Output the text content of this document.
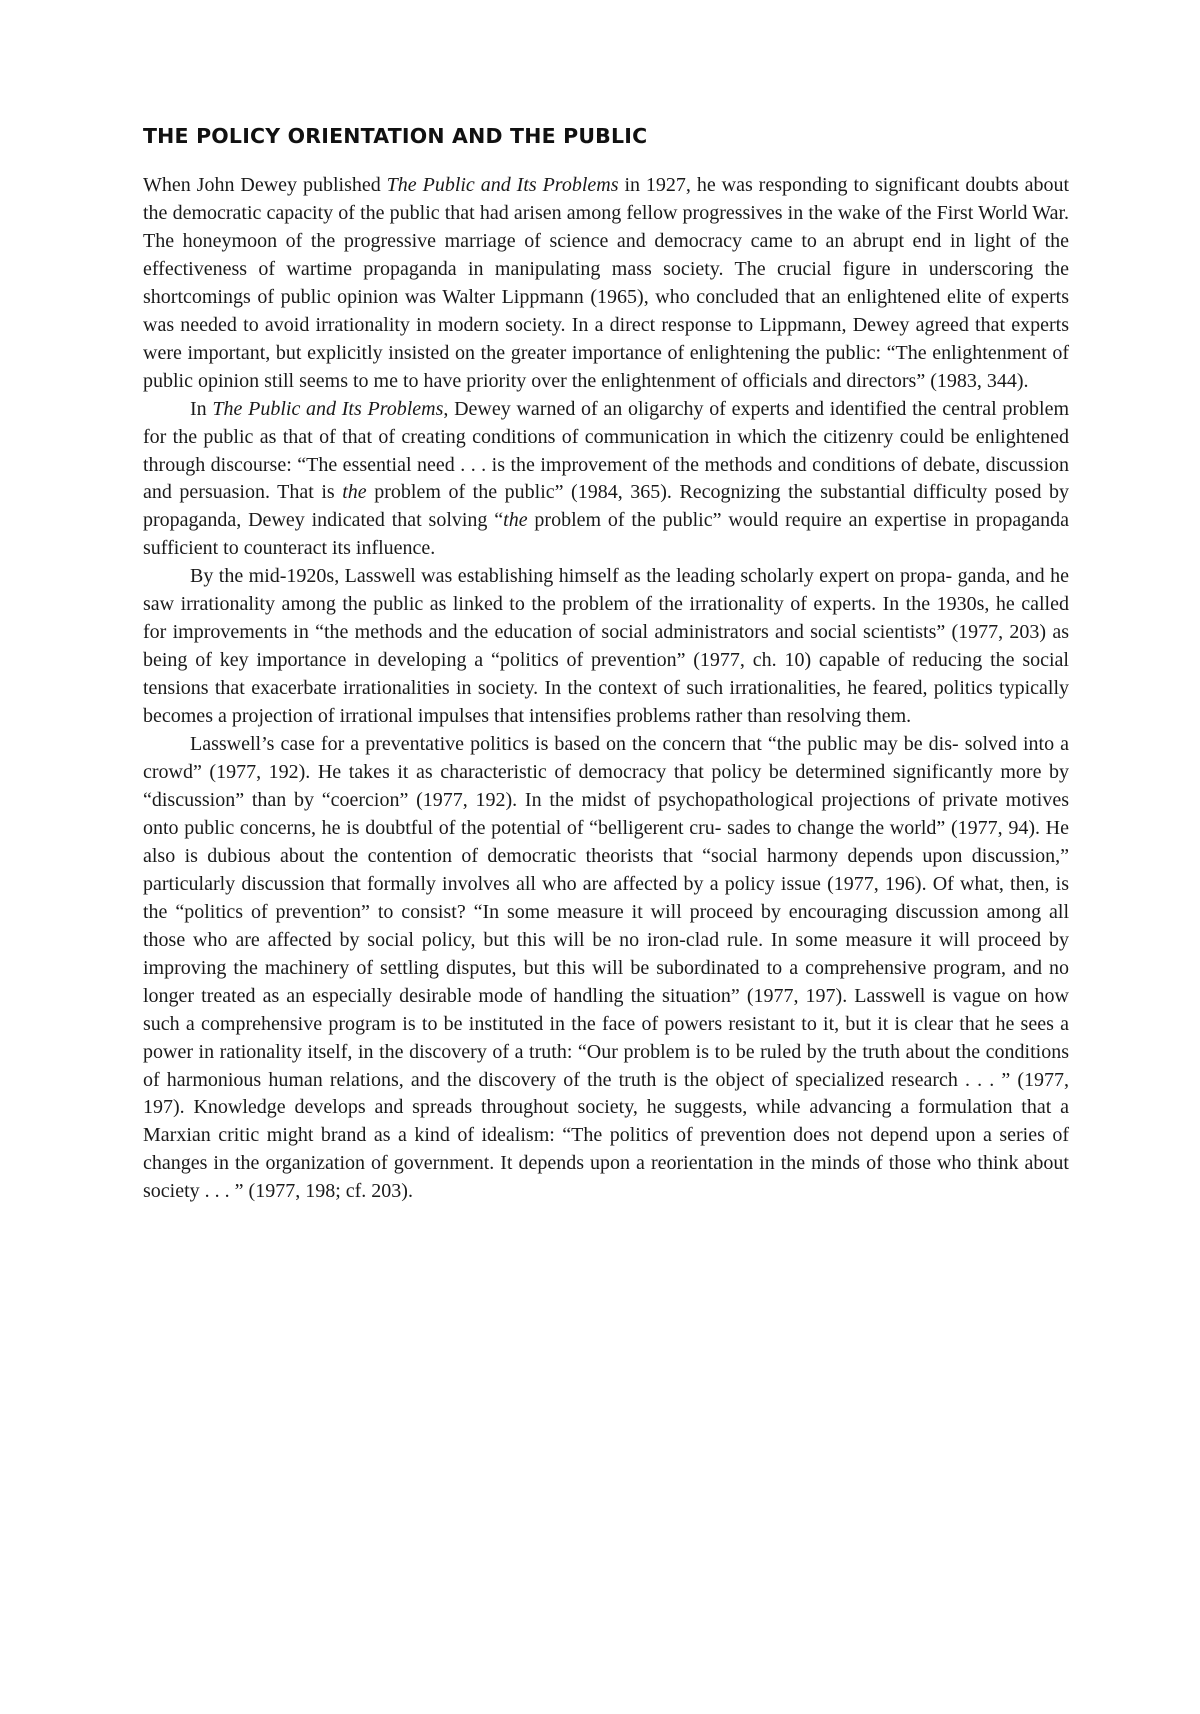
THE POLICY ORIENTATION AND THE PUBLIC

When John Dewey published The Public and Its Problems in 1927, he was responding to significant doubts about the democratic capacity of the public that had arisen among fellow progressives in the wake of the First World War. The honeymoon of the progressive marriage of science and democracy came to an abrupt end in light of the effectiveness of wartime propaganda in manipulating mass society. The crucial figure in underscoring the shortcomings of public opinion was Walter Lippmann (1965), who concluded that an enlightened elite of experts was needed to avoid irrationality in modern society. In a direct response to Lippmann, Dewey agreed that experts were important, but explicitly insisted on the greater importance of enlightening the public: “The enlightenment of public opinion still seems to me to have priority over the enlightenment of officials and directors” (1983, 344).

In The Public and Its Problems, Dewey warned of an oligarchy of experts and identified the central problem for the public as that of that of creating conditions of communication in which the citizenry could be enlightened through discourse: “The essential need . . . is the improvement of the methods and conditions of debate, discussion and persuasion. That is the problem of the public” (1984, 365). Recognizing the substantial difficulty posed by propaganda, Dewey indicated that solving “the problem of the public” would require an expertise in propaganda sufficient to counteract its influence.

By the mid-1920s, Lasswell was establishing himself as the leading scholarly expert on propa- ganda, and he saw irrationality among the public as linked to the problem of the irrationality of experts. In the 1930s, he called for improvements in “the methods and the education of social administrators and social scientists” (1977, 203) as being of key importance in developing a “politics of prevention” (1977, ch. 10) capable of reducing the social tensions that exacerbate irrationalities in society. In the context of such irrationalities, he feared, politics typically becomes a projection of irrational impulses that intensifies problems rather than resolving them.

Lasswell’s case for a preventative politics is based on the concern that “the public may be dis- solved into a crowd” (1977, 192). He takes it as characteristic of democracy that policy be determined significantly more by “discussion” than by “coercion” (1977, 192). In the midst of psychopathological projections of private motives onto public concerns, he is doubtful of the potential of “belligerent cru- sades to change the world” (1977, 94). He also is dubious about the contention of democratic theorists that “social harmony depends upon discussion,” particularly discussion that formally involves all who are affected by a policy issue (1977, 196). Of what, then, is the “politics of prevention” to consist? “In some measure it will proceed by encouraging discussion among all those who are affected by social policy, but this will be no iron-clad rule. In some measure it will proceed by improving the machinery of settling disputes, but this will be subordinated to a comprehensive program, and no longer treated as an especially desirable mode of handling the situation” (1977, 197). Lasswell is vague on how such a comprehensive program is to be instituted in the face of powers resistant to it, but it is clear that he sees a power in rationality itself, in the discovery of a truth: “Our problem is to be ruled by the truth about the conditions of harmonious human relations, and the discovery of the truth is the object of specialized research . . . ” (1977, 197). Knowledge develops and spreads throughout society, he suggests, while advancing a formulation that a Marxian critic might brand as a kind of idealism: “The politics of prevention does not depend upon a series of changes in the organization of government. It depends upon a reorientation in the minds of those who think about society . . . ” (1977, 198; cf. 203).
